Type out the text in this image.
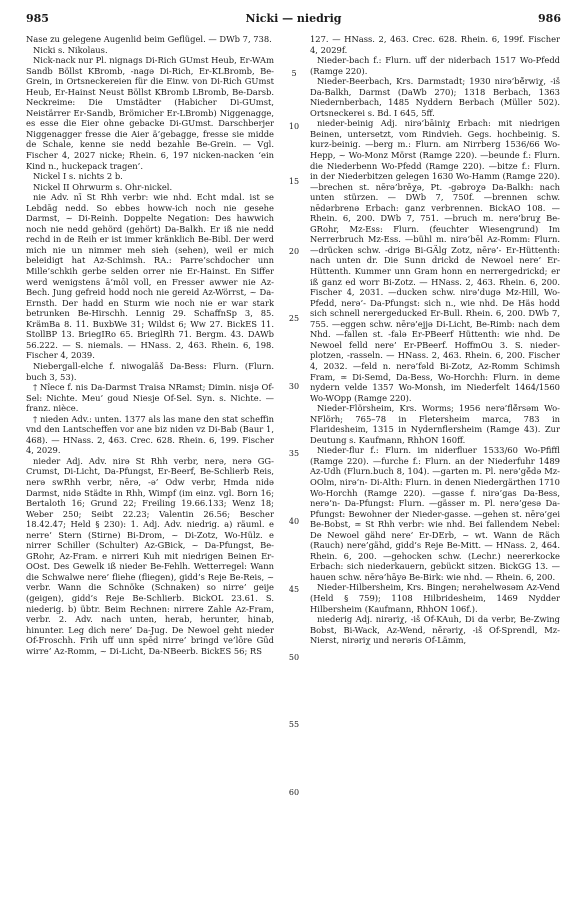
985	Nicki — niedrig	986

Nase zu gelegene Augenlid beim Geflügel. — DWb 7, 738.

Nicki s. Nikolaus.

Nick-nack nur Pl. nignags Di-Rich GUmst Heub, Er-WAm Sandb Böllst KBromb, -nagə Di-Rich, Er-KLBromb, Be-Grein, in Ortsneckereien für die Einw. von Di-Rich GUmst Heub, Er-Hainst Neust Böllst KBromb LBromb, Be-Darsb. Neckreime: Die Umstädter (Habicher Di-GUmst, Neistärrer Er-Sandb, Brömicher Er-LBromb) Niggenagge, es esse die Eier ohne gebacke Di-GUmst. Darschberjer Niggenagger fresse die Aier ä’gebagge, fresse sie midde de Schale, kenne sie nedd bezahle Be-Grein. — Vgl. Fischer 4, 2027 nicke; Rhein. 6, 197 nicken-nacken ‘ein Kind n., huckepack tragen’.

Nickel I s. nichts 2 b.

Nickel II Ohrwurm s. Ohr-nickel.

nie Adv. nī St Rhh verbr: wie nhd. Echt mdal. ist se Lebdāg nedd. So ebbes howw-ich noch nie gesehe Darmst, ~ Di-Reinh. Doppelte Negation: Des hawwich noch nie nedd gehörd (gehört) Da-Balkh. Er iß nie nedd rechd in de Reih er ist immer kränklich Be-Bibl. Der werd mich nie un nimmer meh sieh (sehen), weil er mich beleidigt hat Az-Schimsh. RA.: Parre’schdocher unn Mille’schkih gerbe selden orrer nie Er-Hainst. En Siffer werd wenigstens ā’mōl voll, en Fresser awwer nie Az-Bech. Jung gefreid hodd noch nie gereid Az-Wörrst, ~ Da-Ernsth. Der hadd en Sturm wie noch nie er war stark betrunken Be-Hirschh. Lennig 29. SchaffnSp 3, 85. KrämBa 8. 11. BuxbWe 31; Wildst 6; Ww 27. BickES 11. StollBP 13. BriegIRo 65. BrieglRh 71. Bergm. 43. DAWb 56.222. — S. niemals. — HNass. 2, 463. Rhein. 6, 198. Fischer 4, 2039.

Niebergall-elche f. niwogalāš Da-Bess: Flurn. (Flurn. buch 3, 53).

† Nîece f. nis Da-Darmst Traisa NRamst; Dimin. nisjə Of-Sel: Nichte. Meu’ goud Niesje Of-Sel. Syn. s. Nichte. — franz. nièce.

† nieden Adv.: unten. 1377 als las mane den stat scheffin vnd den Lantscheffen vor ane biz niden vz Di-Bab (Baur 1, 468). — HNass. 2, 463. Crec. 628. Rhein. 6, 199. Fischer 4, 2029.

nieder Adj. Adv. nirə St Rhh verbr, nerə, nerə GG-Crumst, Di-Licht, Da-Pfungst, Er-Beerf, Be-Schlierb Reis, nerə swRhh verbr, nērə, -ə’ Odw verbr, Hmda nidə Darmst, nidə Städte in Rhh, Wimpf (im einz. vgl. Born 16; Bertaloth 16; Grund 22; Freiling 19.66.133; Wenz 18; Weber 250; Seibt 22.23; Valentin 26.56; Bescher 18.42.47; Held § 230): 1. Adj. Adv. niedrig. a) räuml. e nerre’ Stern (Stirne) Bi-Drom, ~ Di-Zotz, Wo-Hülz. e nirrer Schiller (Schulter) Az-GBick, ~ Da-Pfungst, Be-GRohr, Az-Fram. e nirreri Kuh mit niedrigen Beinen Er-OOst. Des Gewelk iß nieder Be-Fehlh. Wetterregel: Wann die Schwalwe nere’ fliehe (fliegen), gidd’s Reje Be-Reis, ~ verbr. Wann die Schnöke (Schnaken) so nirre’ geije (geigen), gidd’s Reje Be-Schlierb. BickOL 23.61. S. niederig. b) übtr. Beim Rechnen: nirrere Zahle Az-Fram, verbr. 2. Adv. nach unten, herab, herunter, hinab, hinunter. Leg dich nere’ Da-Jug. De Newoel geht nieder Of-Froschh. Frih uff unn spēd nirre’ bringd ve’lōre Gūd wirre’ Az-Romm, ~ Di-Licht, Da-NBeerb. BickES 56; RS

5
10
15
20
25
30
35
40
45
50
55
60

127. — HNass. 2, 463. Crec. 628. Rhein. 6, 199f. Fischer 4, 2029f.

Nieder-bach f.: Flurn. uff der niderbach 1517 Wo-Pfedd (Ramge 220).

Nieder-Beerbach, Krs. Darmstadt; 1930 nirə’bē̆rwiχ, -iš Da-Balkh, Darmst (DaWb 270); 1318 Berbach, 1363 Niedernberbach, 1485 Nyddern Berbach (Müller 502). Ortsneckerei s. Bd. I 645, 5ff.

nieder-beinig Adj. nirə’bāiniχ Erbach: mit niedrigen Beinen, untersetzt, vom Rindvieh. Gegs. hochbeinig. S. kurz-beinig. —berg m.: Flurn. am Nirrberg 1536/66 Wo-Hepp, ~ Wo-Monz Mörst (Ramge 220). —beunde f.: Flurn. die Niederbenn Wo-Pfedd (Ramge 220). —bitze f.: Flurn. in der Niederbitzen gelegen 1630 Wo-Hamm (Ramge 220). —brechen st. nērə’brēχə, Pt. -gəbroχə Da-Balkh: nach unten stürzen. — DWb 7, 750f. —brennen schw. nēdərbrenə Erbach: ganz verbrennen. BickAO 108. — Rhein. 6, 200. DWb 7, 751. —bruch m. nerə’bruχ Be-GRohr, Mz-Ess: Flurn. (feuchter Wiesengrund) Im Nerrerbruch Mz-Ess. —bühl m. nirə’bēl Az-Romm: Flurn. —drücken schw. -drigə Bi-GÄlg Zotz, nērə’- Er-Hüttenth: nach unten dr. Die Sunn drickd de Newoel nere’ Er-Hüttenth. Kummer unn Gram honn en nerrergedrickd; er iß ganz ed worr Bi-Zotz. — HNass. 2, 463. Rhein. 6, 200. Fischer 4, 2031. —ducken schw. nirə’dugə Mz-Hill, Wo-Pfedd, nerə’- Da-Pfungst: sich n., wie nhd. De Häs hodd sich schnell nerergeducked Er-Bull. Rhein. 6, 200. DWb 7, 755. —eggen schw. nērə’ejjə Di-Licht, Be-Rimb: nach dem Nhd. —fallen st. -falə Er-PBeerf Hüttenth: wie nhd. De Newoel felld nere’ Er-PBeerf. HoffmOu 3. S. nieder-plotzen, -rasseln. — HNass. 2, 463. Rhein. 6, 200. Fischer 4, 2032. —feld n. nerə’fəld Bi-Zotz, Az-Romm Schimsh Fram, ≃ Di-Semd, Da-Bess, Wo-Horchh: Flurn. in deme nydern velde 1357 Wo-Monsh, im Niederfelt 1464/1560 Wo-WOpp (Ramge 220).

Nieder-Flörsheim, Krs. Worms; 1956 nerə’flē̆rsəm Wo-NFlörh; 765–78 in Fletersheim marca, 783 in Flaridesheim, 1315 in Nydernflersheim (Ramge 43). Zur Deutung s. Kaufmann, RhhON 160ff.

Nieder-flur f.: Flurn. im niderfluer 1533/60 Wo-Pfiffl (Ramge 220). —furche f.: Flurn. an der Niederfuhr 1489 Az-Udh (Flurn.buch 8, 104). —garten m. Pl. nerə’gē̆də Mz-OOlm, nirə’n- Di-Alth: Flurn. in denen Niedergärthen 1710 Wo-Horchh (Ramge 220). —gasse f. nirə’gas Da-Bess, nerə’n- Da-Pfungst: Flurn. —gässer m. Pl. nerə’gesə Da-Pfungst: Bewohner der Nieder-gasse. —gehen st. nērə’gei Be-Bobst, ≃ St Rhh verbr: wie nhd. Bei fallendem Nebel: De Newoel gähd nere’ Er-DErb, ~ wt. Wann de Räch (Rauch) nere’gähd, gidd’s Reje Be-Mitt. — HNass. 2, 464. Rhein. 6, 200. —gehocken schw. (Lechr.) neererkocke Erbach: sich niederkauern, gebückt sitzen. BickGG 13. —hauen schw. nērə’hāyə Be-Birk: wie nhd. — Rhein. 6, 200.

Nieder-Hilbersheim, Krs. Bingen; nerəhelwəsəm Az-Vend (Held § 759); 1108 Hilbridesheim, 1469 Nydder Hilbersheim (Kaufmann, RhhON 106f.).

niederig Adj. nirəriχ, -iš Of-KAuh, Di da verbr, Be-Zwing Bobst, Bi-Wack, Az-Wend, nērəriχ, -iš Of-Sprendl, Mz-Nierst, nirəriχ und nerəris Of-Lämm,
